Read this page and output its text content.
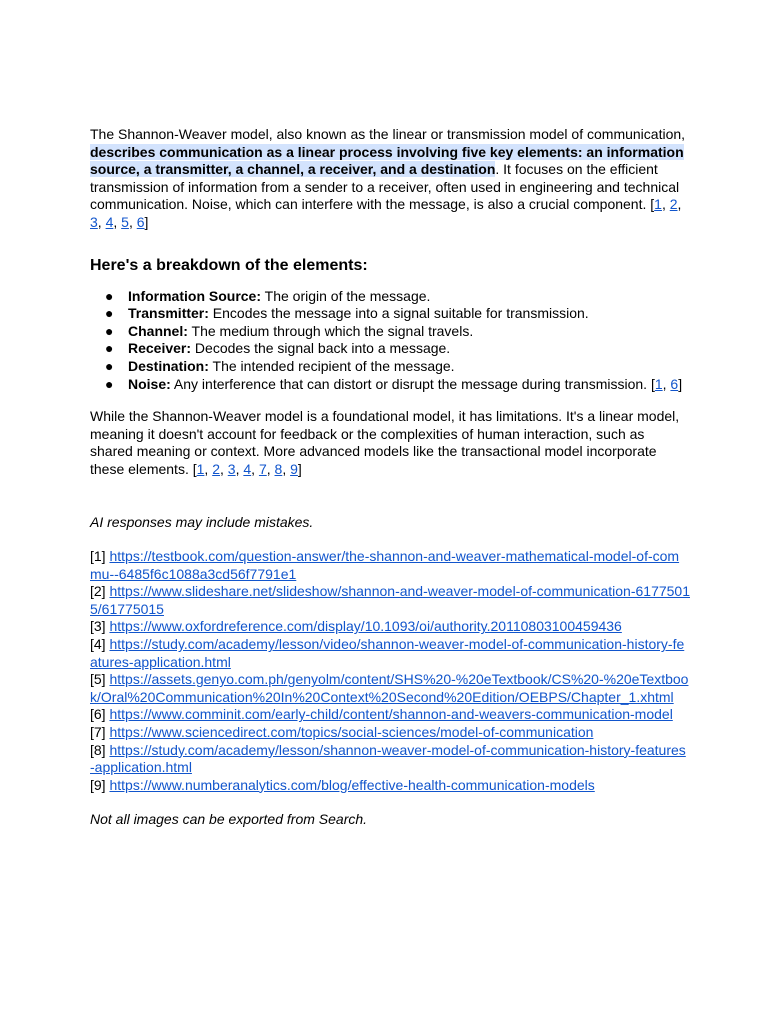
The Shannon-Weaver model, also known as the linear or transmission model of communication, describes communication as a linear process involving five key elements: an information source, a transmitter, a channel, a receiver, and a destination. It focuses on the efficient transmission of information from a sender to a receiver, often used in engineering and technical communication. Noise, which can interfere with the message, is also a crucial component. [1, 2, 3, 4, 5, 6]

Here's a breakdown of the elements:
● Information Source: The origin of the message.
● Transmitter: Encodes the message into a signal suitable for transmission.
● Channel: The medium through which the signal travels.
● Receiver: Decodes the signal back into a message.
● Destination: The intended recipient of the message.
● Noise: Any interference that can distort or disrupt the message during transmission. [1, 6]

While the Shannon-Weaver model is a foundational model, it has limitations. It's a linear model, meaning it doesn't account for feedback or the complexities of human interaction, such as shared meaning or context. More advanced models like the transactional model incorporate these elements. [1, 2, 3, 4, 7, 8, 9]

AI responses may include mistakes.

[1] https://testbook.com/question-answer/the-shannon-and-weaver-mathematical-model-of-commu--6485f6c1088a3cd56f7791e1
[2] https://www.slideshare.net/slideshow/shannon-and-weaver-model-of-communication-61775015/61775015
[3] https://www.oxfordreference.com/display/10.1093/oi/authority.20110803100459436
[4] https://study.com/academy/lesson/video/shannon-weaver-model-of-communication-history-features-application.html
[5] https://assets.genyo.com.ph/genyolm/content/SHS%20-%20eTextbook/CS%20-%20eTextbook/Oral%20Communication%20In%20Context%20Second%20Edition/OEBPS/Chapter_1.xhtml
[6] https://www.comminit.com/early-child/content/shannon-and-weavers-communication-model
[7] https://www.sciencedirect.com/topics/social-sciences/model-of-communication
[8] https://study.com/academy/lesson/shannon-weaver-model-of-communication-history-features-application.html
[9] https://www.numberanalytics.com/blog/effective-health-communication-models

Not all images can be exported from Search.
